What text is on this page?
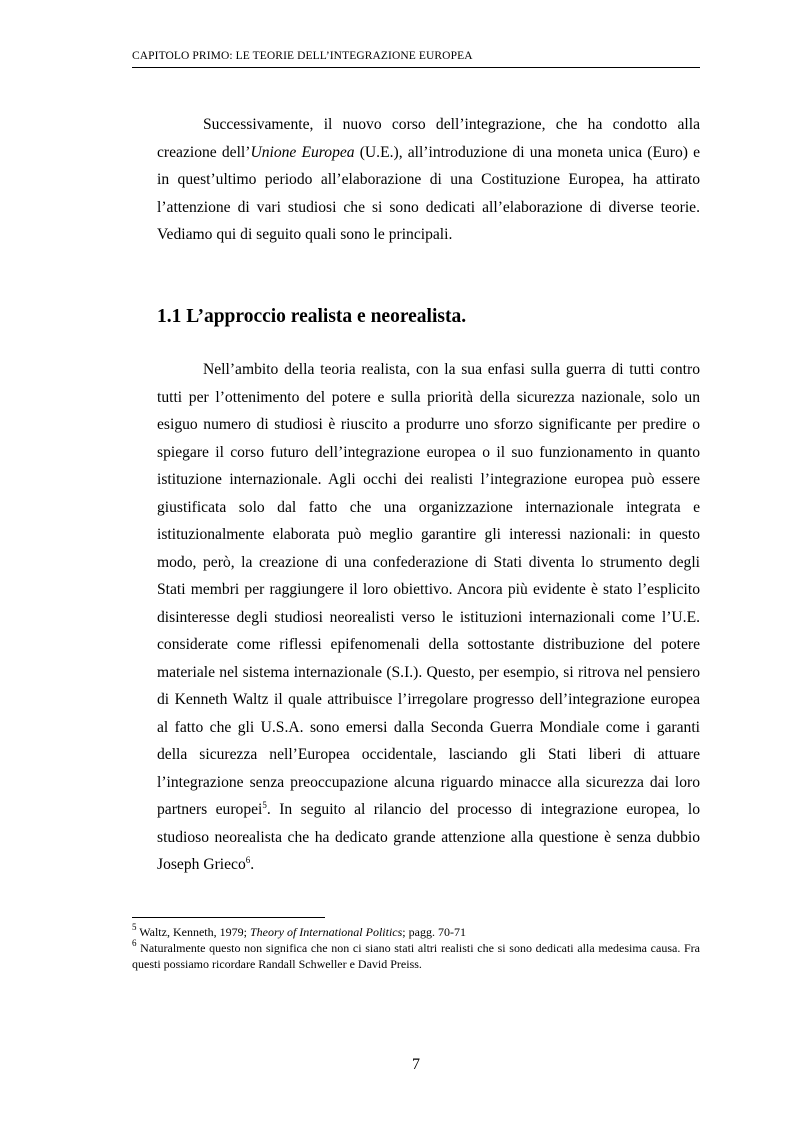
CAPITOLO PRIMO: LE TEORIE DELL’INTEGRAZIONE EUROPEA

Successivamente, il nuovo corso dell’integrazione, che ha condotto alla creazione dell’Unione Europea (U.E.), all’introduzione di una moneta unica (Euro) e in quest’ultimo periodo all’elaborazione di una Costituzione Europea, ha attirato l’attenzione di vari studiosi che si sono dedicati all’elaborazione di diverse teorie. Vediamo qui di seguito quali sono le principali.

1.1 L’approccio realista e neorealista.

Nell’ambito della teoria realista, con la sua enfasi sulla guerra di tutti contro tutti per l’ottenimento del potere e sulla priorità della sicurezza nazionale, solo un esiguo numero di studiosi è riuscito a produrre uno sforzo significante per predire o spiegare il corso futuro dell’integrazione europea o il suo funzionamento in quanto istituzione internazionale. Agli occhi dei realisti l’integrazione europea può essere giustificata solo dal fatto che una organizzazione internazionale integrata e istituzionalmente elaborata può meglio garantire gli interessi nazionali: in questo modo, però, la creazione di una confederazione di Stati diventa lo strumento degli Stati membri per raggiungere il loro obiettivo. Ancora più evidente è stato l’esplicito disinteresse degli studiosi neorealisti verso le istituzioni internazionali come l’U.E. considerate come riflessi epifenomenali della sottostante distribuzione del potere materiale nel sistema internazionale (S.I.). Questo, per esempio, si ritrova nel pensiero di Kenneth Waltz il quale attribuisce l’irregolare progresso dell’integrazione europea al fatto che gli U.S.A. sono emersi dalla Seconda Guerra Mondiale come i garanti della sicurezza nell’Europea occidentale, lasciando gli Stati liberi di attuare l’integrazione senza preoccupazione alcuna riguardo minacce alla sicurezza dai loro partners europei$^5$. In seguito al rilancio del processo di integrazione europea, lo studioso neorealista che ha dedicato grande attenzione alla questione è senza dubbio Joseph Grieco$^6$.

$^5$ Waltz, Kenneth, 1979; Theory of International Politics; pagg. 70-71

$^6$ Naturalmente questo non significa che non ci siano stati altri realisti che si sono dedicati alla medesima causa. Fra questi possiamo ricordare Randall Schweller e David Preiss.

7
